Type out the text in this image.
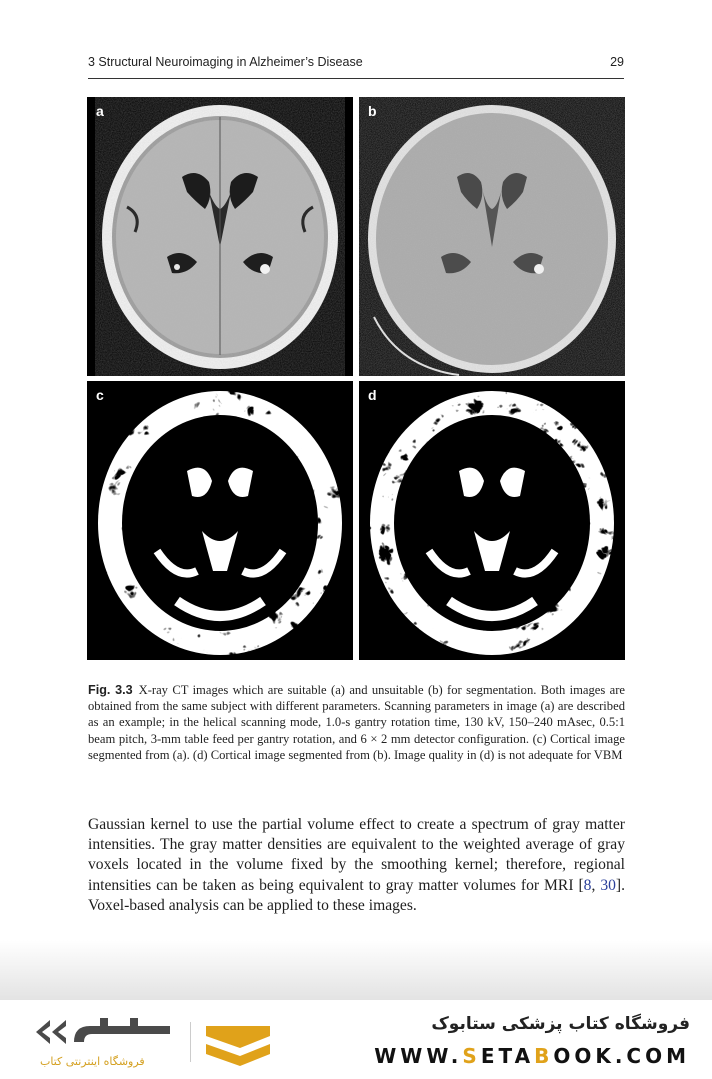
3 Structural Neuroimaging in Alzheimer’s Disease	29
a	b
c	d
Fig. 3.3 X-ray CT images which are suitable (a) and unsuitable (b) for segmentation. Both images are obtained from the same subject with different parameters. Scanning parameters in image (a) are described as an example; in the helical scanning mode, 1.0-s gantry rotation time, 130 kV, 150–240 mAsec, 0.5:1 beam pitch, 3-mm table feed per gantry rotation, and 6 × 2 mm detector configuration. (c) Cortical image segmented from (a). (d) Cortical image segmented from (b). Image quality in (d) is not adequate for VBM
Gaussian kernel to use the partial volume effect to create a spectrum of gray matter intensities. The gray matter densities are equivalent to the weighted average of gray voxels located in the volume fixed by the smoothing kernel; therefore, regional intensities can be taken as being equivalent to gray matter volumes for MRI [8, 30]. Voxel-based analysis can be applied to these images.
فروشگاه اینترنتی کتاب
فروشگاه کتاب پزشکی ستابوک
WWW.SETABOOK.COM
